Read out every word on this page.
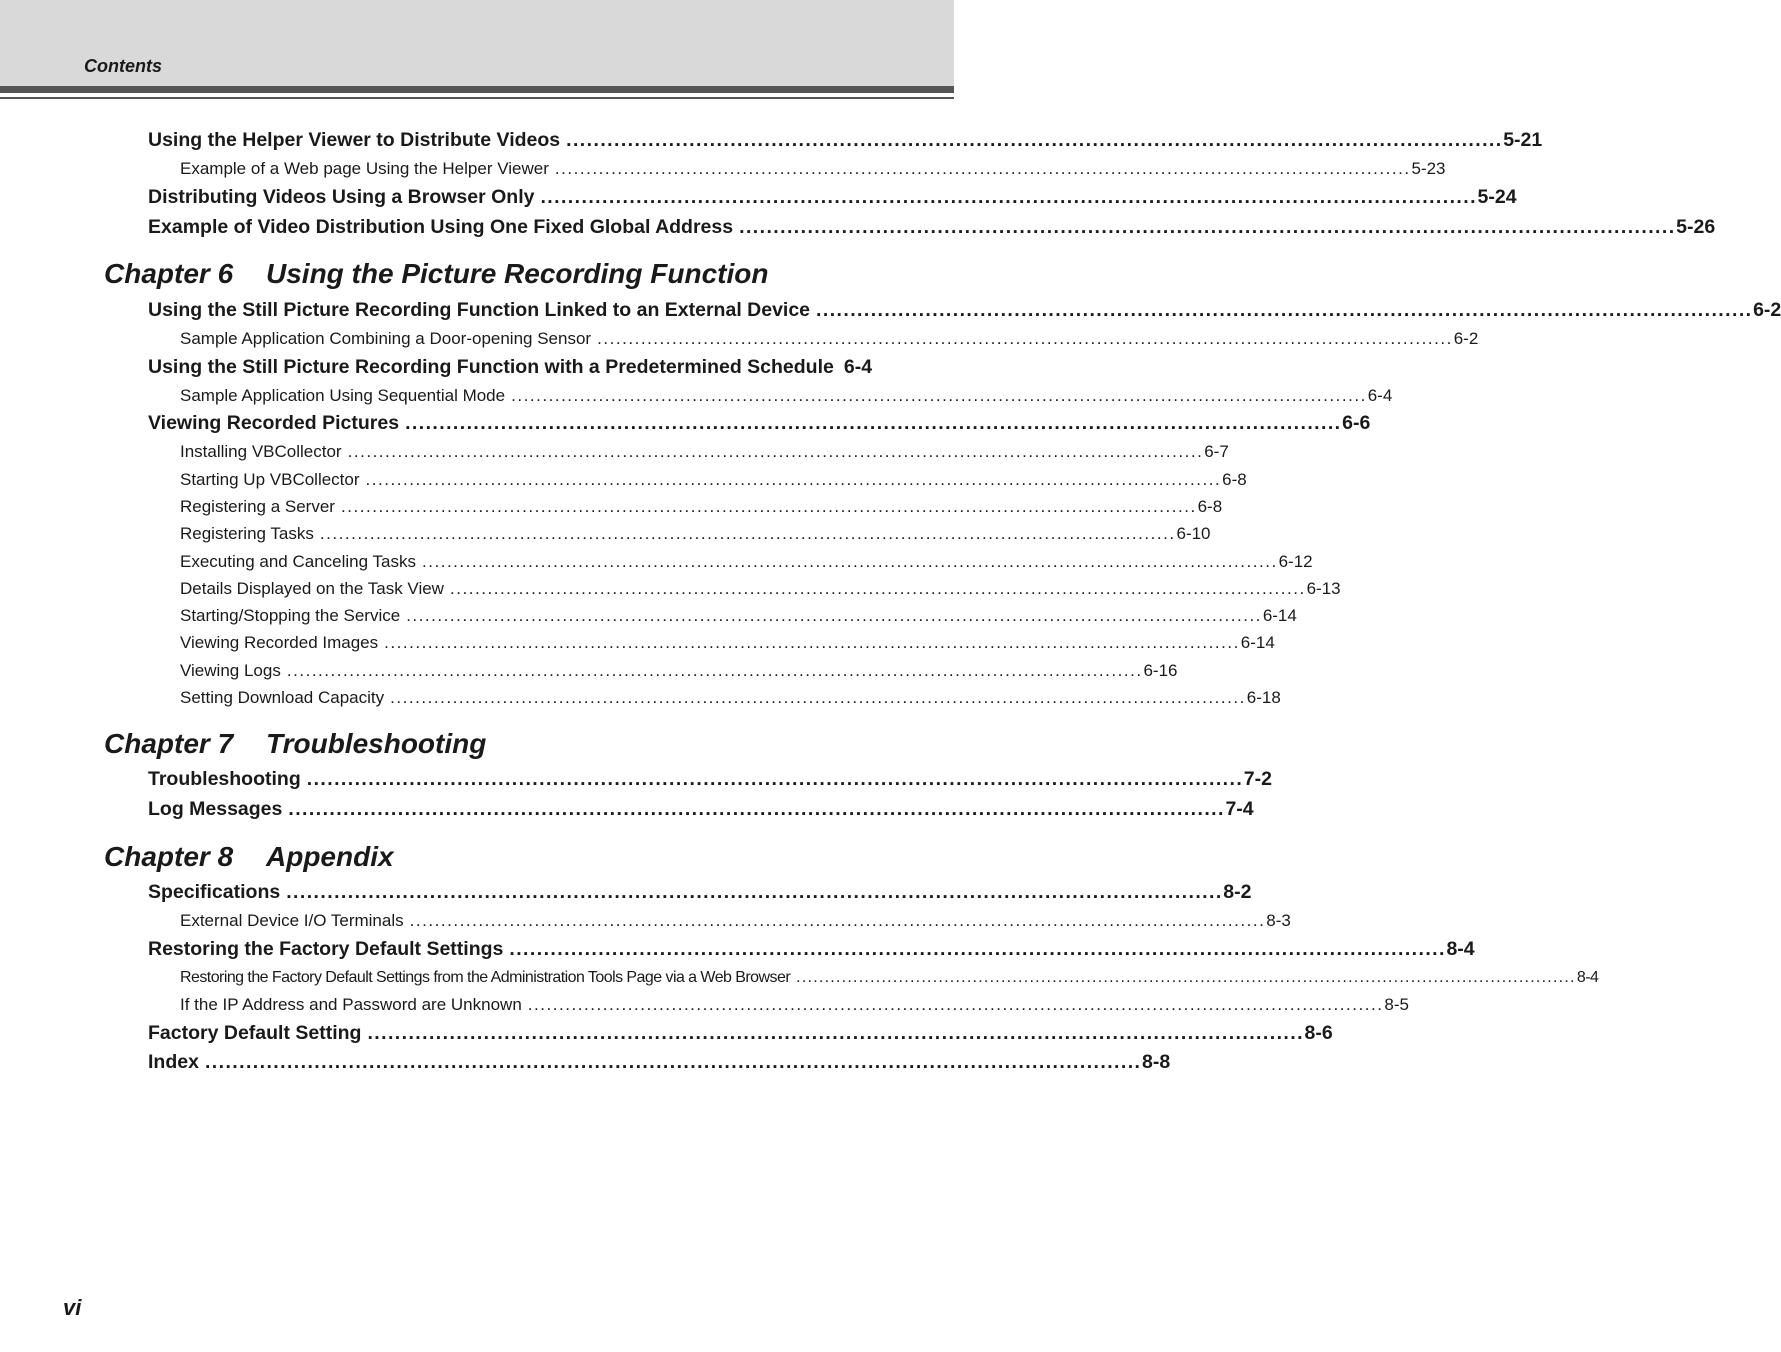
Contents
Using the Helper Viewer to Distribute Videos . . .	5-21
Example of a Web page Using the Helper Viewer . . .	5-23
Distributing Videos Using a Browser Only . . .	5-24
Example of Video Distribution Using One Fixed Global Address . . .	5-26
Chapter 6 Using the Picture Recording Function
Using the Still Picture Recording Function Linked to an External Device . . .	6-2
Sample Application Combining a Door-opening Sensor . . .	6-2
Using the Still Picture Recording Function with a Predetermined Schedule 6-4
Sample Application Using Sequential Mode . . .	6-4
Viewing Recorded Pictures . . .	6-6
Installing VBCollector . . .	6-7
Starting Up VBCollector . . .	6-8
Registering a Server . . .	6-8
Registering Tasks . . .	6-10
Executing and Canceling Tasks . . .	6-12
Details Displayed on the Task View . . .	6-13
Starting/Stopping the Service . . .	6-14
Viewing Recorded Images . . .	6-14
Viewing Logs . . .	6-16
Setting Download Capacity . . .	6-18
Chapter 7 Troubleshooting
Troubleshooting . . .	7-2
Log Messages . . .	7-4
Chapter 8 Appendix
Specifications . . .	8-2
External Device I/O Terminals . . .	8-3
Restoring the Factory Default Settings . . .	8-4
Restoring the Factory Default Settings from the Administration Tools Page via a Web Browser . . .	8-4
If the IP Address and Password are Unknown . . .	8-5
Factory Default Setting . . .	8-6
Index . . .	8-8
vi
